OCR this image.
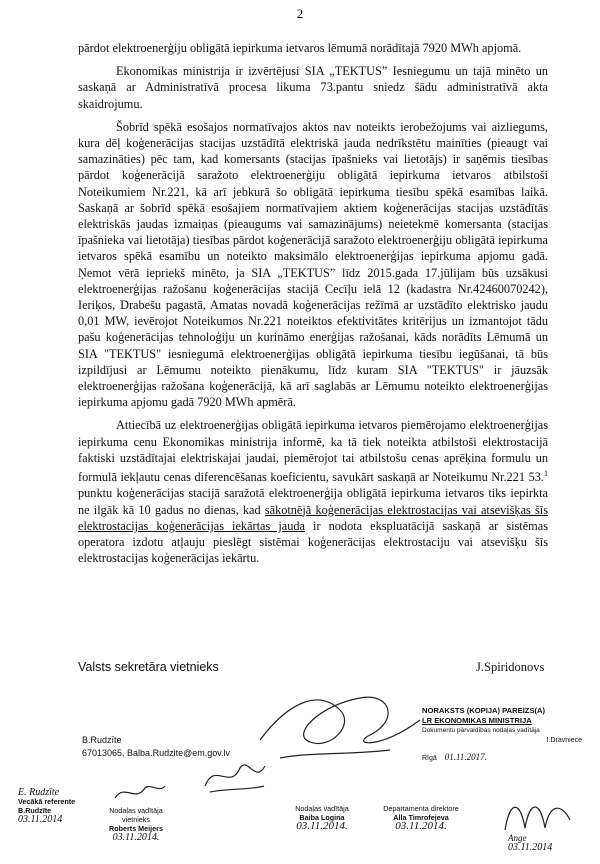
2

pārdot elektroenerģiju obligātā iepirkuma ietvaros lēmumā norādītajā 7920 MWh apjomā.

Ekonomikas ministrija ir izvērtējusi SIA „TEKTUS” Iesniegumu un tajā minēto un saskaņā ar Administratīvā procesa likuma 73.pantu sniedz šādu administratīvā akta skaidrojumu.

Šobrīd spēkā esošajos normatīvajos aktos nav noteikts ierobežojums vai aizliegums, kura dēļ koģenerācijas stacijas uzstādītā elektriskā jauda nedrīkstētu mainīties (pieaugt vai samazināties) pēc tam, kad komersants (stacijas īpašnieks vai lietotājs) ir saņēmis tiesības pārdot koģenerācijā saražoto elektroenerģiju obligātā iepirkuma ietvaros atbilstoši Noteikumiem Nr.221, kā arī jebkurā šo obligātā iepirkuma tiesību spēkā esamības laikā. Saskaņā ar šobrīd spēkā esošajiem normatīvajiem aktiem koģenerācijas stacijas uzstādītās elektriskās jaudas izmaiņas (pieaugums vai samazinājums) neietekmē komersanta (stacijas īpašnieka vai lietotāja) tiesības pārdot koģenerācijā saražoto elektroenerģiju obligātā iepirkuma ietvaros spēkā esamību un noteikto maksimālo elektroenerģijas iepirkuma apjomu gadā. Ņemot vērā iepriekš minēto, ja SIA „TEKTUS” līdz 2015.gada 17.jūlijam būs uzsākusi elektroenerģijas ražošanu koģenerācijas stacijā Cecīļu ielā 12 (kadastra Nr.42460070242), Ieriķos, Drabešu pagastā, Amatas novadā koģenerācijas režīmā ar uzstādīto elektrisko jaudu 0,01 MW, ievērojot Noteikumos Nr.221 noteiktos efektivitātes kritērijus un izmantojot tādu pašu koģenerācijas tehnoloģiju un kurināmo enerģijas ražošanai, kāds norādīts Lēmumā un SIA "TEKTUS" iesniegumā elektroenerģijas obligātā iepirkuma tiesību iegūšanai, tā būs izpildījusi ar Lēmumu noteikto pienākumu, līdz kuram SIA "TEKTUS" ir jāuzsāk elektroenerģijas ražošana koģenerācijā, kā arī saglabās ar Lēmumu noteikto elektroenerģijas iepirkuma apjomu gadā 7920 MWh apmērā.

Attiecībā uz elektroenerģijas obligātā iepirkuma ietvaros piemērojamo elektroenerģijas iepirkuma cenu Ekonomikas ministrija informē, ka tā tiek noteikta atbilstoši elektrostacijā faktiski uzstādītajai elektriskajai jaudai, piemērojot tai atbilstošu cenas aprēķina formulu un formulā iekļautu cenas diferencēšanas koeficientu, savukārt saskaņā ar Noteikumu Nr.221 53.$^1$ punktu koģenerācijas stacijā saražotā elektroenerģija obligātā iepirkuma ietvaros tiks iepirkta ne ilgāk kā 10 gadus no dienas, kad sākotnējā koģenerācijas elektrostacijas vai atsevišķas šīs elektrostacijas koģenerācijas iekārtas jauda ir nodota ekspluatācijā saskaņā ar sistēmas operatora izdotu atļauju pieslēgt sistēmai koģenerācijas elektrostaciju vai atsevišķu šīs elektrostacijas koģenerācijas iekārtu.

Valsts sekretāra vietnieks	J.Spiridonovs
B.Rudzīte
67013065, Balba.Rudzite@em.gov.lv
NORAKSTS (KOPIJA) PAREIZS(A)
LR EKONOMIKAS MINISTRIJA
Dokumentu pārvaldības nodaļas vadītāja
I.Dravniece
Rīgā 01.11.2017.
E. Rudzīte
Vecākā referente
B.Rudzīte
03.11.2014
Nodaļas vadītāja vietnieks
Roberts Meijers
03.11.2014.
Nodaļas vadītāja
Baiba Logina
03.11.2014.
Departamenta direktore
Alla Timrofejeva
03.11.2014.
Ange
03.11.2014
